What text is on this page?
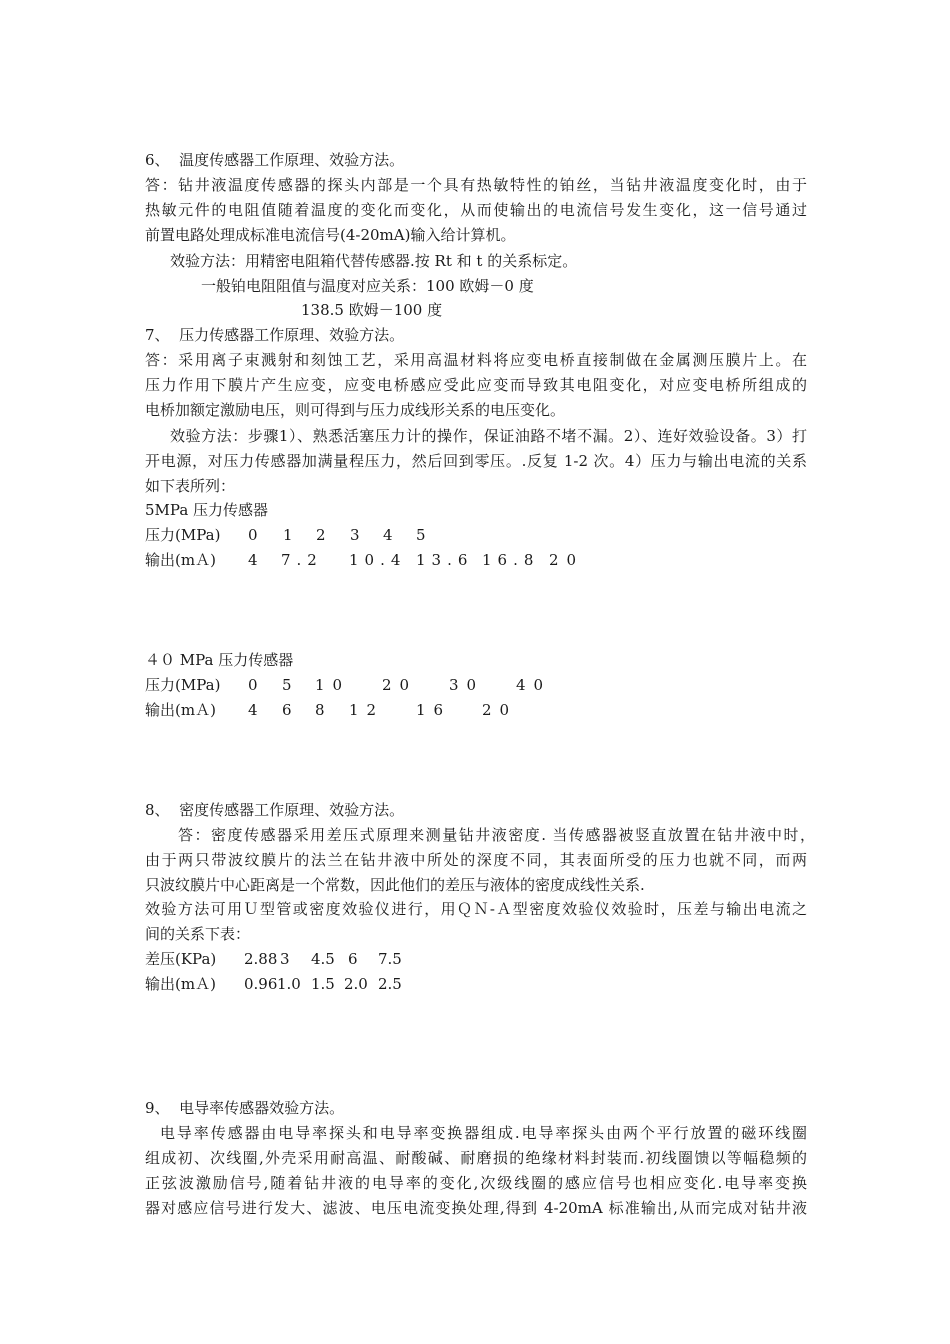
6、  温度传感器工作原理、效验方法。
答：钻井液温度传感器的探头内部是一个具有热敏特性的铂丝，当钻井液温度变化时，由于
热敏元件的电阻值随着温度的变化而变化，从而使输出的电流信号发生变化，这一信号通过
前置电路处理成标准电流信号(4-20mA)输入给计算机。
效验方法：用精密电阻箱代替传感器.按 Rt 和 t 的关系标定。
一般铂电阻阻值与温度对应关系：100 欧姆－0 度
138.5 欧姆－100 度
7、  压力传感器工作原理、效验方法。
答：采用离子束溅射和刻蚀工艺，采用高温材料将应变电桥直接制做在金属测压膜片上。在
压力作用下膜片产生应变，应变电桥感应受此应变而导致其电阻变化，对应变电桥所组成的
电桥加额定激励电压，则可得到与压力成线形关系的电压变化。
效验方法：步骤1）、熟悉活塞压力计的操作，保证油路不堵不漏。2）、连好效验设备。3）打
开电源，对压力传感器加满量程压力，然后回到零压。.反复 1-2 次。4）压力与输出电流的关系
如下表所列：
5MPa 压力传感器
压力(MPa) 0 1 2 3 4 5
输出(mＡ) 4 7.2 10.4 13.6 16.8 20
４０ MPa 压力传感器
压力(MPa) 0 5 10 20 30 40
输出(mＡ) 4 6 8 12 16 20
8、  密度传感器工作原理、效验方法。
答：密度传感器采用差压式原理来测量钻井液密度. 当传感器被竖直放置在钻井液中时，
由于两只带波纹膜片的法兰在钻井液中所处的深度不同，其表面所受的压力也就不同，而两
只波纹膜片中心距离是一个常数，因此他们的差压与液体的密度成线性关系.
效验方法可用Ｕ型管或密度效验仪进行，用ＱＮ-Ａ型密度效验仪效验时，压差与输出电流之
间的关系下表：
差压(KPa) 2.88 3 4.5 6 7.5
输出(mＡ) 0.96 1.0 1.5 2.0 2.5
9、  电导率传感器效验方法。
电导率传感器由电导率探头和电导率变换器组成.电导率探头由两个平行放置的磁环线圈
组成初、次线圈,外壳采用耐高温、耐酸碱、耐磨损的绝缘材料封装而.初线圈馈以等幅稳频的
正弦波激励信号,随着钻井液的电导率的变化,次级线圈的感应信号也相应变化.电导率变换
器对感应信号进行发大、滤波、电压电流变换处理,得到 4-20mA 标准输出,从而完成对钻井液
